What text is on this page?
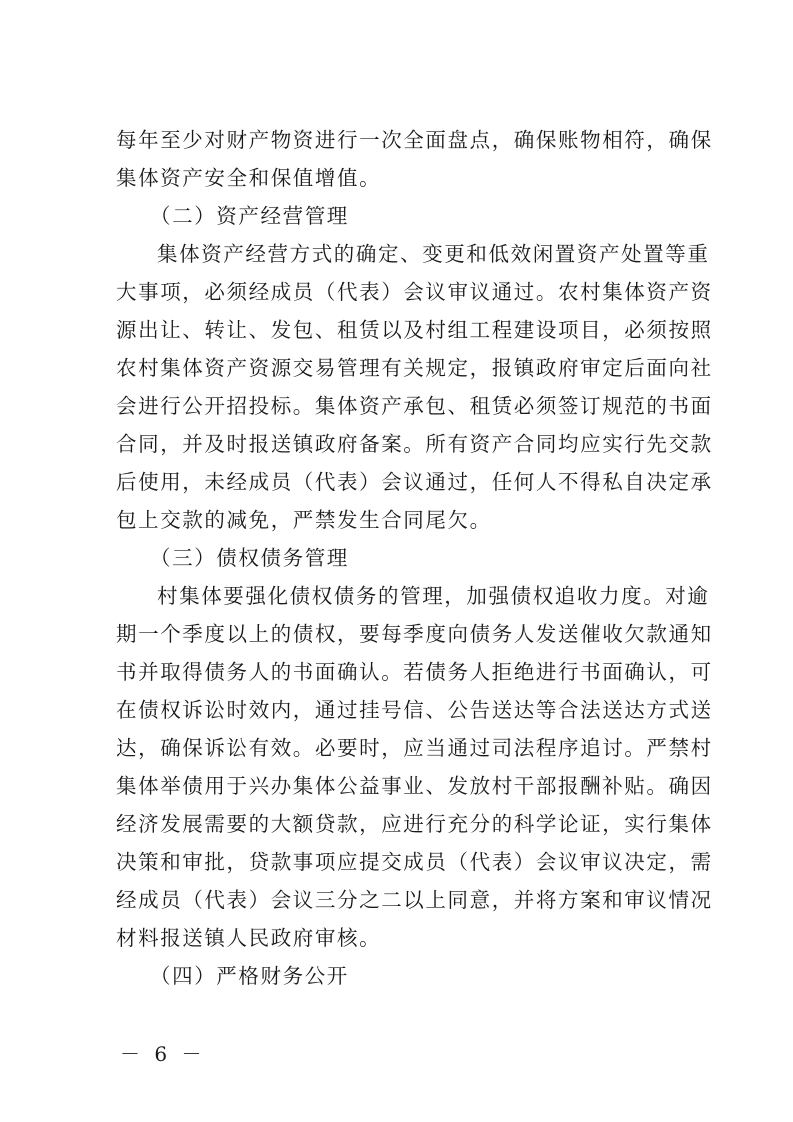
每年至少对财产物资进行一次全面盘点，确保账物相符，确保
集体资产安全和保值增值。
（二）资产经营管理
集体资产经营方式的确定、变更和低效闲置资产处置等重
大事项，必须经成员（代表）会议审议通过。农村集体资产资
源出让、转让、发包、租赁以及村组工程建设项目，必须按照
农村集体资产资源交易管理有关规定，报镇政府审定后面向社
会进行公开招投标。集体资产承包、租赁必须签订规范的书面
合同，并及时报送镇政府备案。所有资产合同均应实行先交款
后使用，未经成员（代表）会议通过，任何人不得私自决定承
包上交款的减免，严禁发生合同尾欠。
（三）债权债务管理
村集体要强化债权债务的管理，加强债权追收力度。对逾
期一个季度以上的债权，要每季度向债务人发送催收欠款通知
书并取得债务人的书面确认。若债务人拒绝进行书面确认，可
在债权诉讼时效内，通过挂号信、公告送达等合法送达方式送
达，确保诉讼有效。必要时，应当通过司法程序追讨。严禁村
集体举债用于兴办集体公益事业、发放村干部报酬补贴。确因
经济发展需要的大额贷款，应进行充分的科学论证，实行集体
决策和审批，贷款事项应提交成员（代表）会议审议决定，需
经成员（代表）会议三分之二以上同意，并将方案和审议情况
材料报送镇人民政府审核。
（四）严格财务公开
－ 6 －
